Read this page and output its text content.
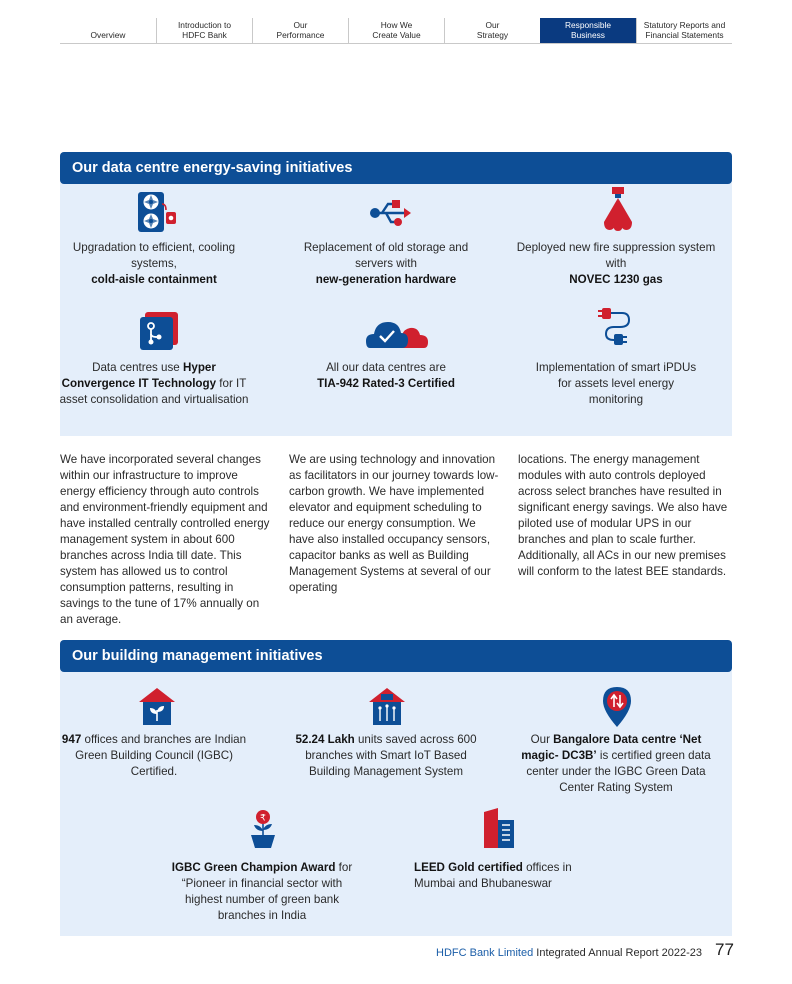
Overview
Introduction to
HDFC Bank
Our
Performance
How We
Create Value
Our
Strategy
Responsible
Business
Statutory Reports and
Financial Statements
Our data centre energy-saving initiatives
Upgradation to efficient, cooling systems,
cold-aisle containment
Replacement of old storage and servers with
new-generation hardware
Deployed new fire suppression system with
NOVEC 1230 gas
Data centres use Hyper Convergence IT Technology for IT asset consolidation and virtualisation
All our data centres are
TIA-942 Rated-3 Certified
Implementation of smart iPDUs for assets level energy monitoring

We have incorporated several changes within our infrastructure to improve energy efficiency through auto controls and environment-friendly equipment and have installed centrally controlled energy management system in about 600 branches across India till date. This system has allowed us to control consumption patterns, resulting in savings to the tune of 17% annually on an average.

We are using technology and innovation as facilitators in our journey towards low-carbon growth. We have implemented elevator and equipment scheduling to reduce our energy consumption. We have also installed occupancy sensors, capacitor banks as well as Building Management Systems at several of our operating

locations. The energy management modules with auto controls deployed across select branches have resulted in significant energy savings. We also have piloted use of modular UPS in our branches and plan to scale further. Additionally, all ACs in our new premises will conform to the latest BEE standards.

Our building management initiatives
₹
947 offices and branches are Indian Green Building Council (IGBC) Certified.
52.24 Lakh units saved across 600 branches with Smart IoT Based Building Management System
Our Bangalore Data centre ‘Net magic- DC3B’ is certified green data center under the IGBC Green Data Center Rating System
IGBC Green Champion Award for “Pioneer in financial sector with highest number of green bank branches in India
LEED Gold certified offices in Mumbai and Bhubaneswar
HDFC Bank Limited Integrated Annual Report 2022-23 77
